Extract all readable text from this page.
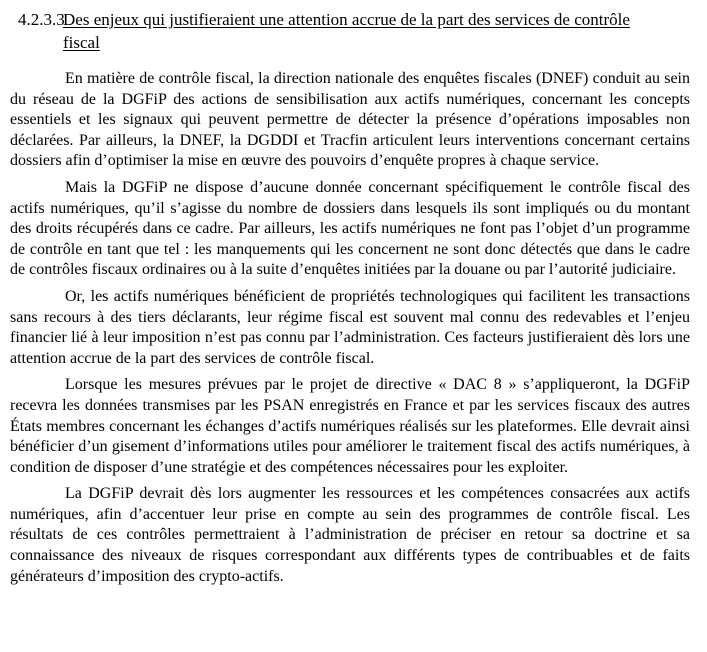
4.2.3.3
Des enjeux qui justifieraient une attention accrue de la part des services de contrôle fiscal

En matière de contrôle fiscal, la direction nationale des enquêtes fiscales (DNEF) conduit au sein du réseau de la DGFiP des actions de sensibilisation aux actifs numériques, concernant les concepts essentiels et les signaux qui peuvent permettre de détecter la présence d’opérations imposables non déclarées. Par ailleurs, la DNEF, la DGDDI et Tracfin articulent leurs interventions concernant certains dossiers afin d’optimiser la mise en œuvre des pouvoirs d’enquête propres à chaque service.

Mais la DGFiP ne dispose d’aucune donnée concernant spécifiquement le contrôle fiscal des actifs numériques, qu’il s’agisse du nombre de dossiers dans lesquels ils sont impliqués ou du montant des droits récupérés dans ce cadre. Par ailleurs, les actifs numériques ne font pas l’objet d’un programme de contrôle en tant que tel : les manquements qui les concernent ne sont donc détectés que dans le cadre de contrôles fiscaux ordinaires ou à la suite d’enquêtes initiées par la douane ou par l’autorité judiciaire.

Or, les actifs numériques bénéficient de propriétés technologiques qui facilitent les transactions sans recours à des tiers déclarants, leur régime fiscal est souvent mal connu des redevables et l’enjeu financier lié à leur imposition n’est pas connu par l’administration. Ces facteurs justifieraient dès lors une attention accrue de la part des services de contrôle fiscal.

Lorsque les mesures prévues par le projet de directive « DAC 8 » s’appliqueront, la DGFiP recevra les données transmises par les PSAN enregistrés en France et par les services fiscaux des autres États membres concernant les échanges d’actifs numériques réalisés sur les plateformes. Elle devrait ainsi bénéficier d’un gisement d’informations utiles pour améliorer le traitement fiscal des actifs numériques, à condition de disposer d’une stratégie et des compétences nécessaires pour les exploiter.

La DGFiP devrait dès lors augmenter les ressources et les compétences consacrées aux actifs numériques, afin d’accentuer leur prise en compte au sein des programmes de contrôle fiscal. Les résultats de ces contrôles permettraient à l’administration de préciser en retour sa doctrine et sa connaissance des niveaux de risques correspondant aux différents types de contribuables et de faits générateurs d’imposition des crypto-actifs.
